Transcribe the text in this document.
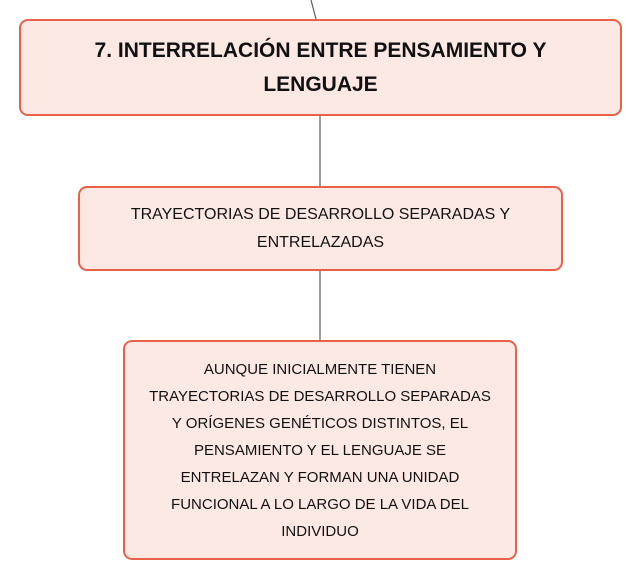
7. INTERRELACIÓN ENTRE PENSAMIENTO Y LENGUAJE
TRAYECTORIAS DE DESARROLLO SEPARADAS Y ENTRELAZADAS
AUNQUE INICIALMENTE TIENEN TRAYECTORIAS DE DESARROLLO SEPARADAS Y ORÍGENES GENÉTICOS DISTINTOS, EL PENSAMIENTO Y EL LENGUAJE SE ENTRELAZAN Y FORMAN UNA UNIDAD FUNCIONAL A LO LARGO DE LA VIDA DEL INDIVIDUO
